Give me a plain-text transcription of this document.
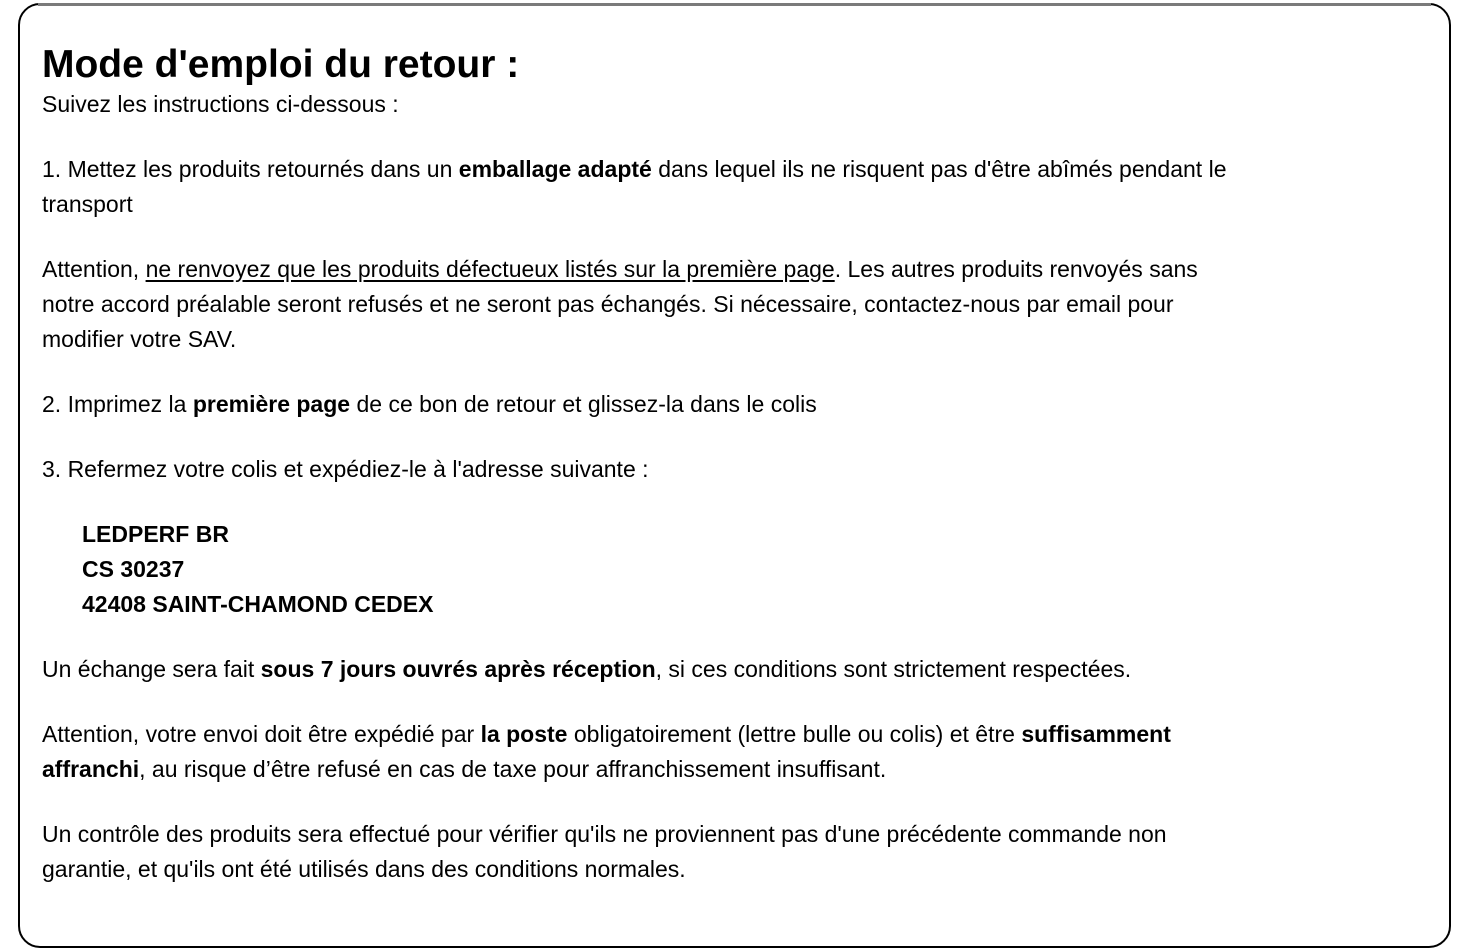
Mode d'emploi du retour :

Suivez les instructions ci-dessous :

1. Mettez les produits retournés dans un emballage adapté dans lequel ils ne risquent pas d'être abîmés pendant le
transport
Attention, ne renvoyez que les produits défectueux listés sur la première page. Les autres produits renvoyés sans
notre accord préalable seront refusés et ne seront pas échangés. Si nécessaire, contactez-nous par email pour
modifier votre SAV.
2. Imprimez la première page de ce bon de retour et glissez-la dans le colis
3. Refermez votre colis et expédiez-le à l'adresse suivante :
LEDPERF BR
CS 30237
42408 SAINT-CHAMOND CEDEX
Un échange sera fait sous 7 jours ouvrés après réception, si ces conditions sont strictement respectées.
Attention, votre envoi doit être expédié par la poste obligatoirement (lettre bulle ou colis) et être suffisamment
affranchi, au risque d’être refusé en cas de taxe pour affranchissement insuffisant.
Un contrôle des produits sera effectué pour vérifier qu'ils ne proviennent pas d'une précédente commande non
garantie, et qu'ils ont été utilisés dans des conditions normales.
